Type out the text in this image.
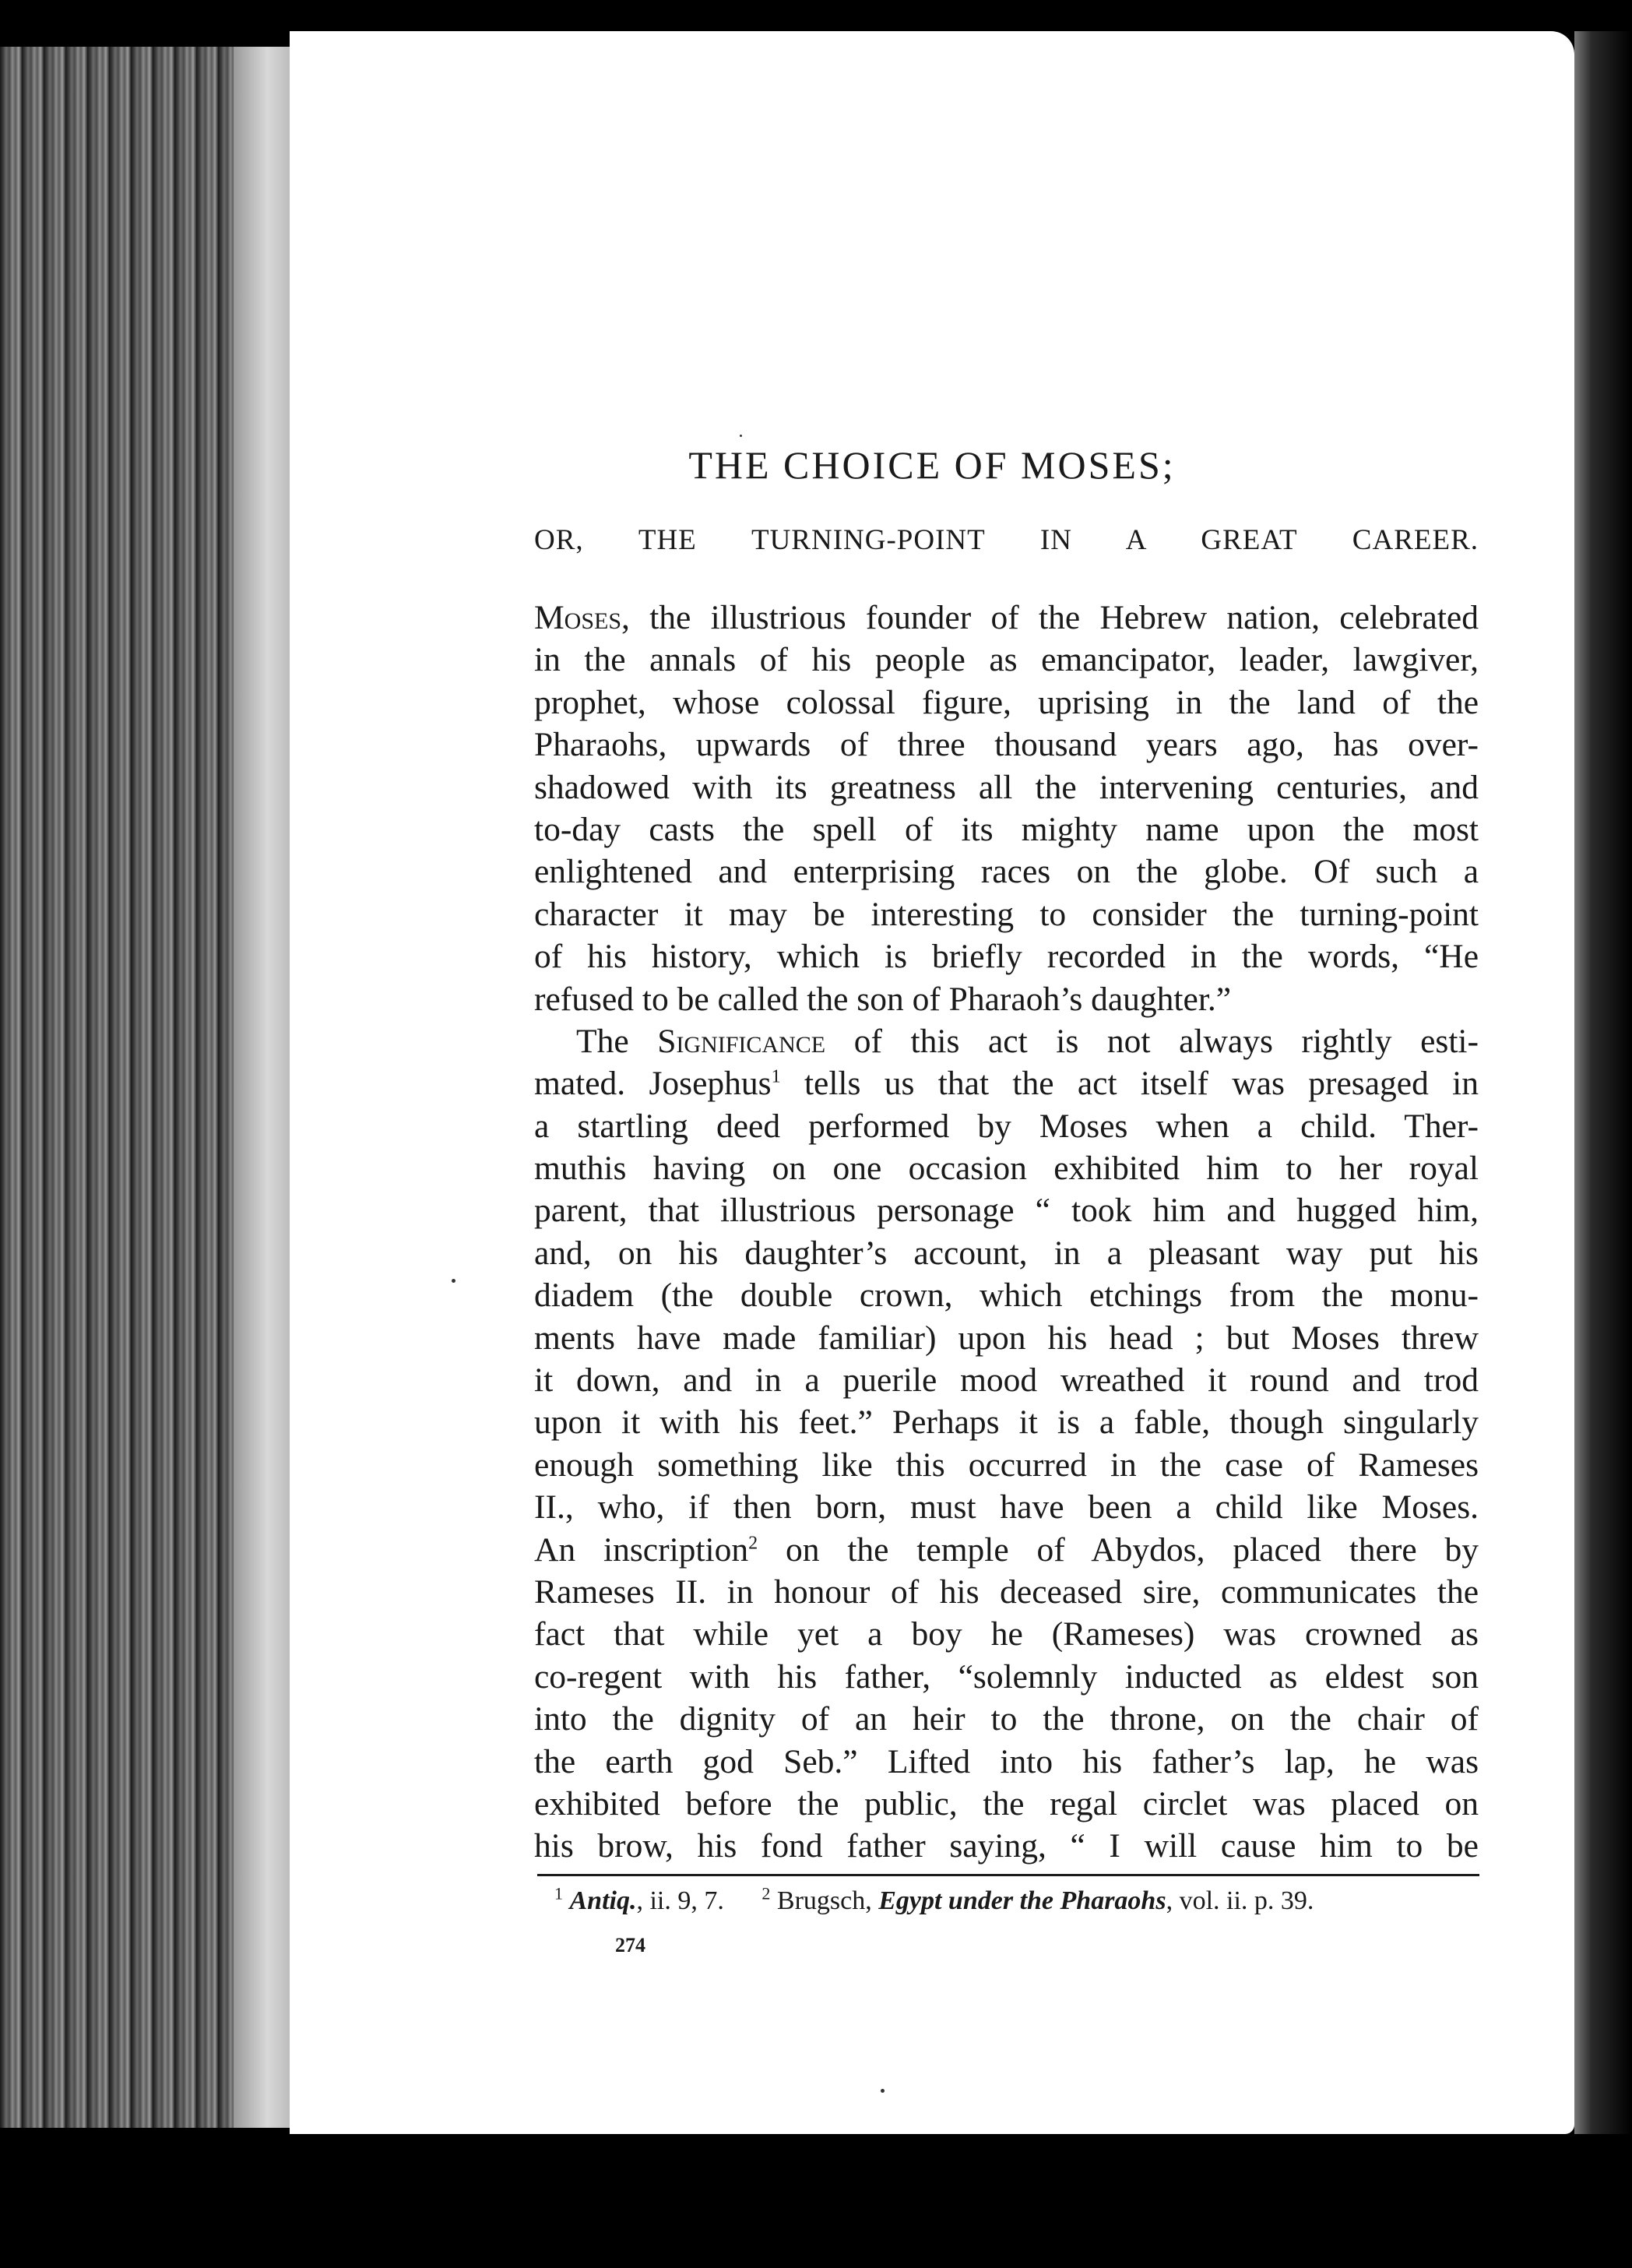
THE CHOICE OF MOSES;
OR, THE TURNING-POINT IN A GREAT CAREER.
Moses, the illustrious founder of the Hebrew nation, celebrated
in the annals of his people as emancipator, leader, lawgiver,
prophet, whose colossal figure, uprising in the land of the
Pharaohs, upwards of three thousand years ago, has over-
shadowed with its greatness all the intervening centuries, and
to-day casts the spell of its mighty name upon the most
enlightened and enterprising races on the globe. Of such a
character it may be interesting to consider the turning-point
of his history, which is briefly recorded in the words, “He
refused to be called the son of Pharaoh’s daughter.”
The Significance of this act is not always rightly esti-
mated. Josephus$^1$ tells us that the act itself was presaged in
a startling deed performed by Moses when a child. Ther-
muthis having on one occasion exhibited him to her royal
parent, that illustrious personage “ took him and hugged him,
and, on his daughter’s account, in a pleasant way put his
diadem (the double crown, which etchings from the monu-
ments have made familiar) upon his head ; but Moses threw
it down, and in a puerile mood wreathed it round and trod
upon it with his feet.” Perhaps it is a fable, though singularly
enough something like this occurred in the case of Rameses
II., who, if then born, must have been a child like Moses.
An inscription$^2$ on the temple of Abydos, placed there by
Rameses II. in honour of his deceased sire, communicates the
fact that while yet a boy he (Rameses) was crowned as
co-regent with his father, “solemnly inducted as eldest son
into the dignity of an heir to the throne, on the chair of
the earth god Seb.” Lifted into his father’s lap, he was
exhibited before the public, the regal circlet was placed on
his brow, his fond father saying, “ I will cause him to be
$^1$ Antiq., ii. 9, 7. $^2$ Brugsch, Egypt under the Pharaohs, vol. ii. p. 39.
274
